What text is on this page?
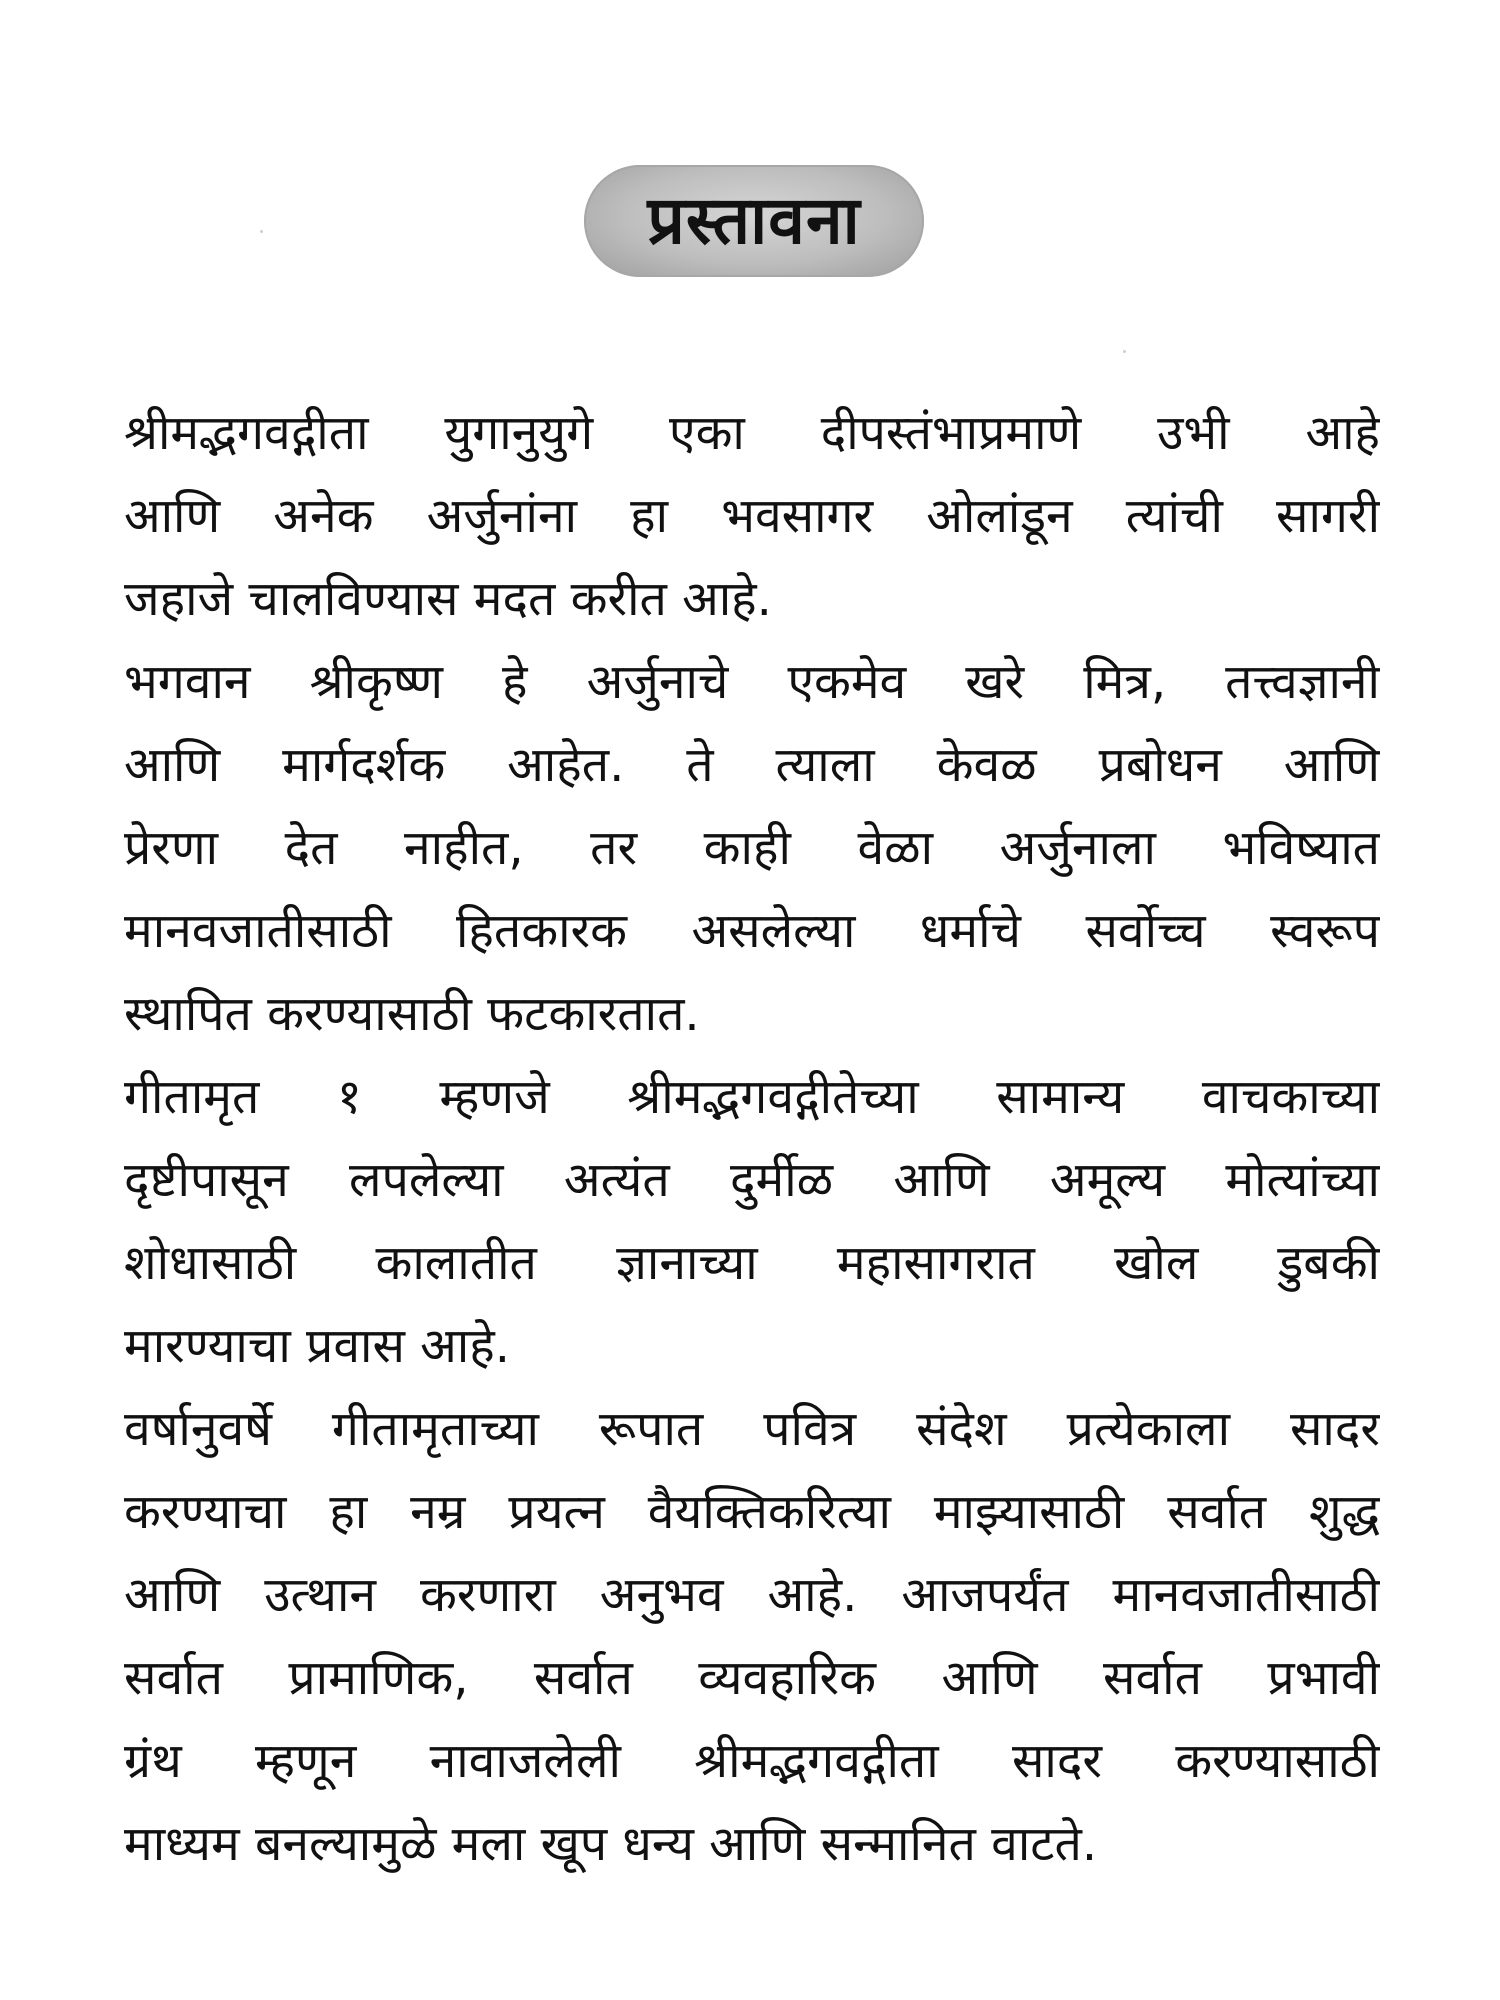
प्रस्तावना

श्रीमद्भगवद्गीता युगानुयुगे एका दीपस्तंभाप्रमाणे उभी आहे
आणि अनेक अर्जुनांना हा भवसागर ओलांडून त्यांची सागरी
जहाजे चालविण्यास मदत करीत आहे.

भगवान श्रीकृष्ण हे अर्जुनाचे एकमेव खरे मित्र, तत्त्वज्ञानी
आणि मार्गदर्शक आहेत. ते त्याला केवळ प्रबोधन आणि
प्रेरणा देत नाहीत, तर काही वेळा अर्जुनाला भविष्यात
मानवजातीसाठी हितकारक असलेल्या धर्माचे सर्वोच्च स्वरूप
स्थापित करण्यासाठी फटकारतात.

गीतामृत १ म्हणजे श्रीमद्भगवद्गीतेच्या सामान्य वाचकाच्या
दृष्टीपासून लपलेल्या अत्यंत दुर्मीळ आणि अमूल्य मोत्यांच्या
शोधासाठी कालातीत ज्ञानाच्या महासागरात खोल डुबकी
मारण्याचा प्रवास आहे.

वर्षानुवर्षे गीतामृताच्या रूपात पवित्र संदेश प्रत्येकाला सादर
करण्याचा हा नम्र प्रयत्न वैयक्तिकरित्या माझ्यासाठी सर्वात शुद्ध
आणि उत्थान करणारा अनुभव आहे. आजपर्यंत मानवजातीसाठी
सर्वात प्रामाणिक, सर्वात व्यवहारिक आणि सर्वात प्रभावी
ग्रंथ म्हणून नावाजलेली श्रीमद्भगवद्गीता सादर करण्यासाठी
माध्यम बनल्यामुळे मला खूप धन्य आणि सन्मानित वाटते.
